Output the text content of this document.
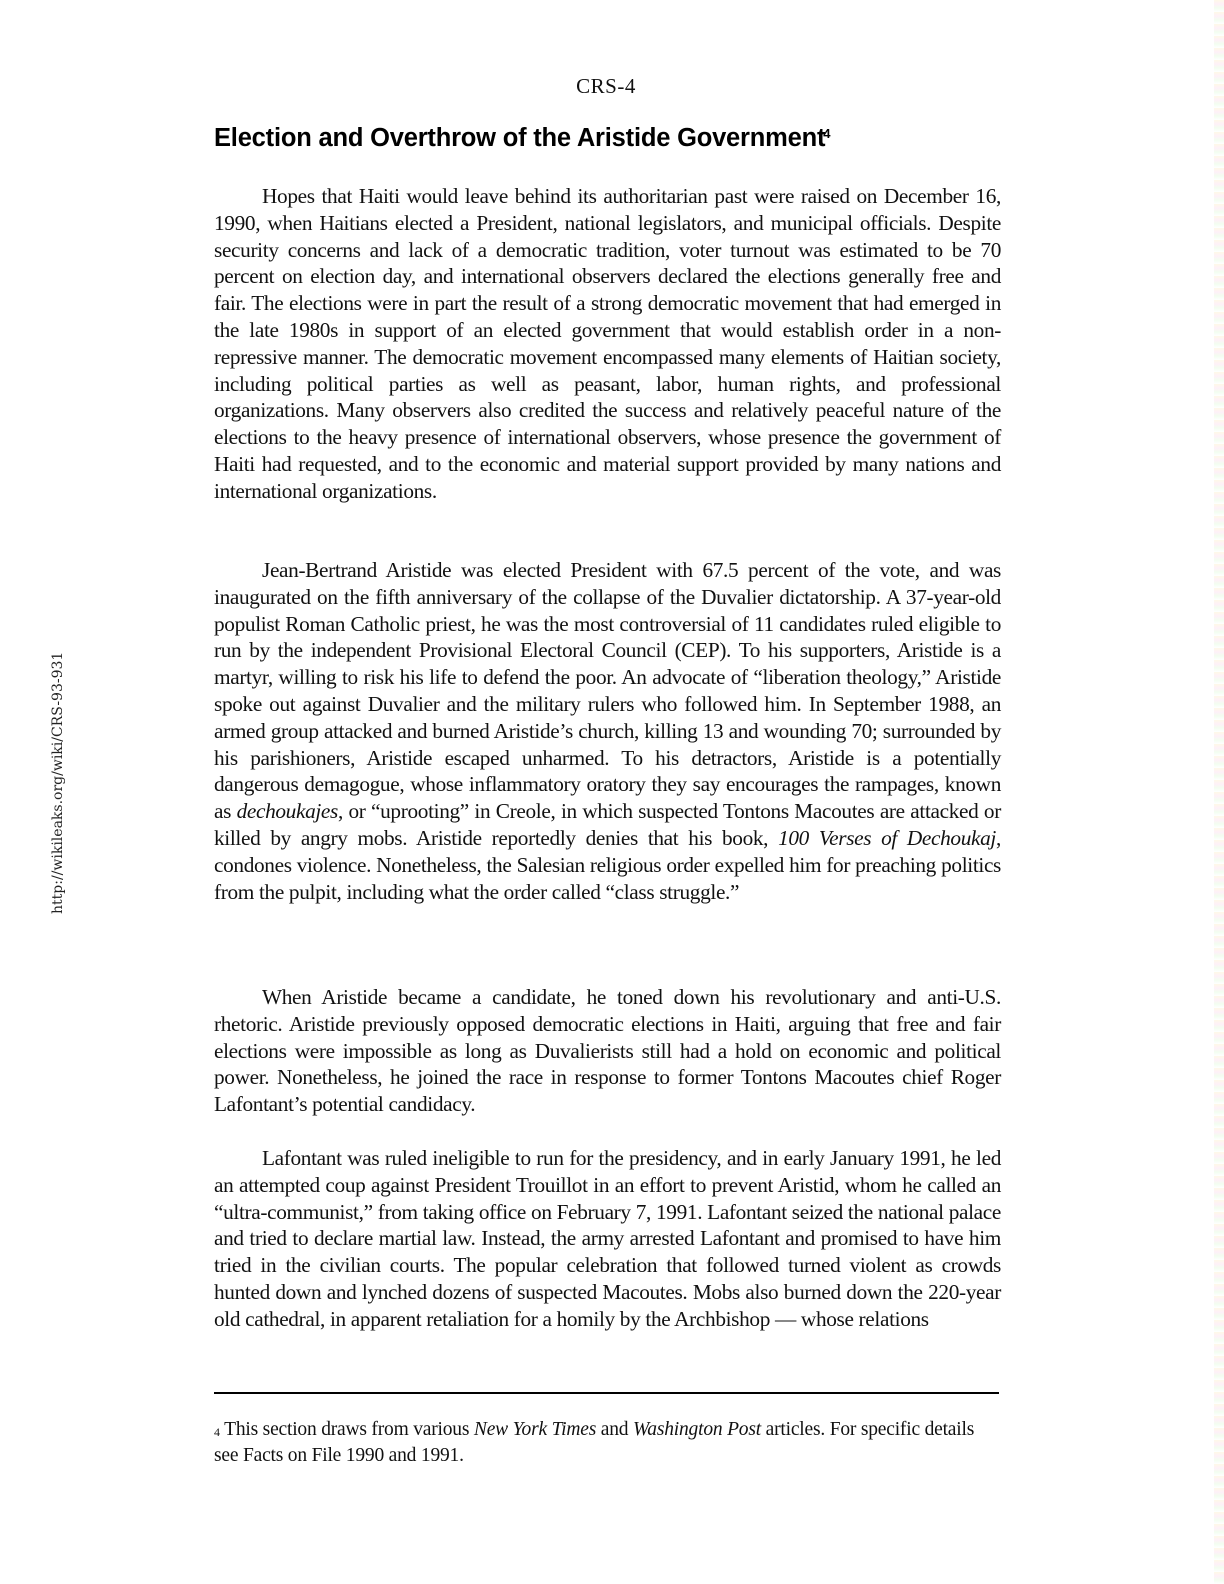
http://wikileaks.org/wiki/CRS-93-931
CRS-4
Election and Overthrow of the Aristide Government$^4$

Hopes that Haiti would leave behind its authoritarian past were raised on December 16, 1990, when Haitians elected a President, national legislators, and municipal officials. Despite security concerns and lack of a democratic tradition, voter turnout was estimated to be 70 percent on election day, and international observers declared the elections generally free and fair. The elections were in part the result of a strong democratic movement that had emerged in the late 1980s in support of an elected government that would establish order in a non-repressive manner. The democratic movement encompassed many elements of Haitian society, including political parties as well as peasant, labor, human rights, and professional organizations. Many observers also credited the success and relatively peaceful nature of the elections to the heavy presence of international observers, whose presence the government of Haiti had requested, and to the economic and material support provided by many nations and international organizations.

Jean-Bertrand Aristide was elected President with 67.5 percent of the vote, and was inaugurated on the fifth anniversary of the collapse of the Duvalier dictatorship. A 37-year-old populist Roman Catholic priest, he was the most controversial of 11 candidates ruled eligible to run by the independent Provisional Electoral Council (CEP). To his supporters, Aristide is a martyr, willing to risk his life to defend the poor. An advocate of “liberation theology,” Aristide spoke out against Duvalier and the military rulers who followed him. In September 1988, an armed group attacked and burned Aristide’s church, killing 13 and wounding 70; surrounded by his parishioners, Aristide escaped unharmed. To his detractors, Aristide is a potentially dangerous demagogue, whose inflammatory oratory they say encourages the rampages, known as dechoukajes, or “uprooting” in Creole, in which suspected Tontons Macoutes are attacked or killed by angry mobs. Aristide reportedly denies that his book, 100 Verses of Dechoukaj, condones violence. Nonetheless, the Salesian religious order expelled him for preaching politics from the pulpit, including what the order called “class struggle.”

When Aristide became a candidate, he toned down his revolutionary and anti-U.S. rhetoric. Aristide previously opposed democratic elections in Haiti, arguing that free and fair elections were impossible as long as Duvalierists still had a hold on economic and political power. Nonetheless, he joined the race in response to former Tontons Macoutes chief Roger Lafontant’s potential candidacy.

Lafontant was ruled ineligible to run for the presidency, and in early January 1991, he led an attempted coup against President Trouillot in an effort to prevent Aristid, whom he called an “ultra-communist,” from taking office on February 7, 1991. Lafontant seized the national palace and tried to declare martial law. Instead, the army arrested Lafontant and promised to have him tried in the civilian courts. The popular celebration that followed turned violent as crowds hunted down and lynched dozens of suspected Macoutes. Mobs also burned down the 220-year old cathedral, in apparent retaliation for a homily by the Archbishop — whose relations

$^4$ This section draws from various New York Times and Washington Post articles. For specific details see Facts on File 1990 and 1991.
